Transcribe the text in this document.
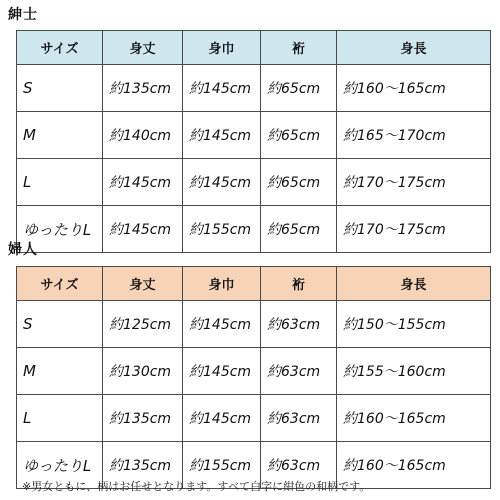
紳士
サイズ	身丈	身巾	裄	身長
S	約135cm	約145cm	約65cm	約160〜165cm
M	約140cm	約145cm	約65cm	約165〜170cm
L	約145cm	約145cm	約65cm	約170〜175cm
ゆったりL	約145cm	約155cm	約65cm	約170〜175cm
婦人
サイズ	身丈	身巾	裄	身長
S	約125cm	約145cm	約63cm	約150〜155cm
M	約130cm	約145cm	約63cm	約155〜160cm
L	約135cm	約145cm	約63cm	約160〜165cm
ゆったりL	約135cm	約155cm	約63cm	約160〜165cm
※男女ともに、柄はお任せとなります。すべて白字に紺色の和柄です。
